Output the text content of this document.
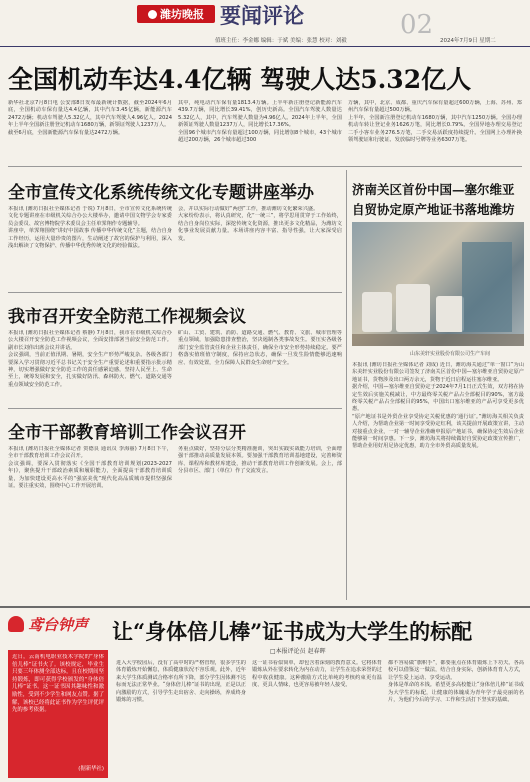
潍坊晚报 要闻评论	02
值班主任：李金娜 编辑：于斌 美编：张慧 校对：刘毅	2024年7月9日 星期二
全国机动车达4.4亿辆 驾驶人达5.32亿人
新华社北京7月8日电 公安部8日发布最新统计数据，截至2024年6月底，全国机动车保有量达4.4亿辆，其中汽车3.45亿辆，新能源汽车2472万辆；机动车驾驶人5.32亿人，其中汽车驾驶人4.96亿人。2024年上半年全国新注册登记机动车1680万辆，新领证驾驶人1237万人。
截至6月底，全国新能源汽车保有量达2472万辆。
其中，纯电动汽车保有量1813.4万辆。上半年新注册登记新能源汽车439.7万辆，同比增长39.41%，创历史新高。全国汽车驾驶人数量达5.32亿人，其中，汽车驾驶人数量为4.96亿人。2024年上半年，全国新领证驾驶人数量1237万人，同比增长17.36%。
全国96个城市汽车保有量超过100万辆，同比增加8个城市，43个城市超过200万辆，26个城市超过300
万辆，其中，北京、成都、重庆汽车保有量超过600万辆，上海、苏州、郑州汽车保有量超过500万辆。
上半年，全国新注册登记机动车1680万辆，其中汽车1250万辆。全国办理机动车转让登记业务1626万笔，同比增长0.79%。全国异地办理交易登记二手小客车业务276.5万笔，二手交易活跃度持续提升。全国网上办理补换领驾驶证和行驶证、发放临时号牌等业务6307万笔。
全市宣传文化系统传统文化专题讲座举办
本报讯 (潍坊日报社全媒体记者 于锐) 7月8日，全市宣传文化系统传统文化专题讲座在市级机关综合办公大楼举办，邀请中国文物学会专家委员会委员、故宫博物院学术委员会主任单霁翔作专题辅导。
讲座中，单霁翔围绕“讲好中国故事 传播中华传统文化”主题，结合自身工作经历，运用大量珍贵的图片，生动阐述了故宫的保护与利用，深入浅出解读了文物保护、传播中华优秀传统文化的经验做法。
会，并以实际行动做好“两创”工作，推动潍坊文化繁荣兴盛。
大家纷纷表示，将认真研究，化“一统三”，将学思用贯穿于工作始终，结合自身岗位实际，深挖传统文化资源，推出更多文化精品，为潍坊文化事业发展贡献力量。本场讲座内容丰富、指导性强，让大家深受启发。
我市召开安全防范工作视频会议
本报讯 (潍坊日报社全媒体记者 蔡静) 7月8日，我市在市级机关综合办公大楼召开安全防范工作视频会议，全面安排部署当前安全防范工作。副市长刘伟出席会议并讲话。
会议强调，当前正值汛期、暑期，安全生产形势严峻复杂。各级各部门要深入学习贯彻习近平总书记关于安全生产重要论述和重要指示批示精神，切实增强做好安全防范工作的责任感紧迫感，坚持人民至上、生命至上，统筹发展和安全，扎实做好防汛、森林防火、燃气、道路交通等重点领域安全防范工作。
矿山、工贸、建筑、消防、道路交通、燃气、教育、文旅、城市管理等重点领域，加强隐患排查整治，坚决遏制各类事故发生。要压实各级各部门安全监管责任和企业主体责任，确保全市安全形势持续稳定。要严格落实值班值守制度，保持应急状态，确保一旦发生险情能够迅速响应、有效处置，全力保障人民群众生命财产安全。
全市干部教育培训工作会议召开
本报讯 (潍坊日报社全媒体记者 贺德良 通讯员 李海丽) 7月8日下午，全市干部教育培训工作会议召开。
会议强调，要深入贯彻落实《全国干部教育培训规划(2023-2027年)》，聚焦提升干部政治素质和履职能力，全面提高干部教育培训质量，为加快建设更高水平的“强富美优”现代化高品质城市提供坚强保证。要注重实效，围绕中心工作开展培训。
务重点做好，坚持分层分类精准施训，突出实践实战能力培训，全面增强干部推动高质量发展本领。要加强干部教育培训基地建设，完善师资库、课程库和教材库建设，推动干部教育培训工作创新发展。会上，部分县市区、部门（单位）作了交流发言。
济南关区首份中国—塞尔维亚
自贸协定原产地证书落地潍坊
山东美轩实业股份有限公司生产车间
本报讯 (潍坊日报社全媒体记者 刘成) 近日，潍坊海关通过“单一窗口”为山东美轩实业股份有限公司签发了济南关区首份中国—塞尔维亚自贸协定原产地证书，货物涉及出口两万余元，货物于近日启程运往塞尔维亚。
据介绍，中国—塞尔维亚自贸协定于2024年7月1日正式生效，双方将在协定生效后实施关税减让，中方最终零关税产品占全部税目的90%，塞方最终零关税产品占全部税目的95%，中国出口塞尔维亚的产品可享受更多优惠。
“原产地证书是外贸企业享受协定关税优惠的‘通行证’。”潍坊海关相关负责人介绍，为帮助企业第一时间享受协定红利，该关提前开展政策宣讲，主动对接重点企业，一对一辅导企业准确申报原产地证书，确保协定生效后企业能够第一时间享惠。下一步，潍坊海关将持续做好自贸协定政策宣传推广，帮助企业用好用足协定优惠，助力全市外贸高质量发展。
鸢台钟声 让“身体倍儿棒”证书成为大学生的标配
□本报评论员 赵春晖
近日，云南机电职业技术学院的“身体倍儿棒”证书火了。该校规定，毕业生只要三年体测全部达标，且在校期间坚持锻炼，即可获得学校颁发的“身体倍儿棒”证书。这一证书因其趣味性和激励性，受到不少学生和网友点赞。据了解，该校已经将此证书作为学生评优评先的参考依据。
(据新华社)
进入大学校园后，没有了高中时的严格管理，很多学生的体育锻炼开始懈怠，体质健康状况不容乐观。此外，近年来大学生体质测试合格率有所下降，部分学生因体测不达标而无法正常毕业。“身体倍儿棒”证书的出现，正是以正向激励的方式，引导学生走出宿舍、走向操场，养成终身锻炼的习惯。
这一证书看似简单，却包含着深刻的教育意义。它将体育锻炼从外在要求转化为内在动力，让学生在追求荣誉的过程中收获健康。这种激励方式比单纯的考核约束更有温度、更具人情味，也更容易被年轻人接受。
都不容易做“旗帜手”，都要重点在体育锻炼上下功夫。各高校可以借鉴这一做法，结合自身实际，创新体育育人方式，让学生爱上运动、享受运动。
身体是革命的本钱。希望更多高校能让“身体倍儿棒”证书成为大学生的标配，让健康的体魄成为青年学子最亮丽的名片，为他们今后的学习、工作和生活打下坚实的基础。
